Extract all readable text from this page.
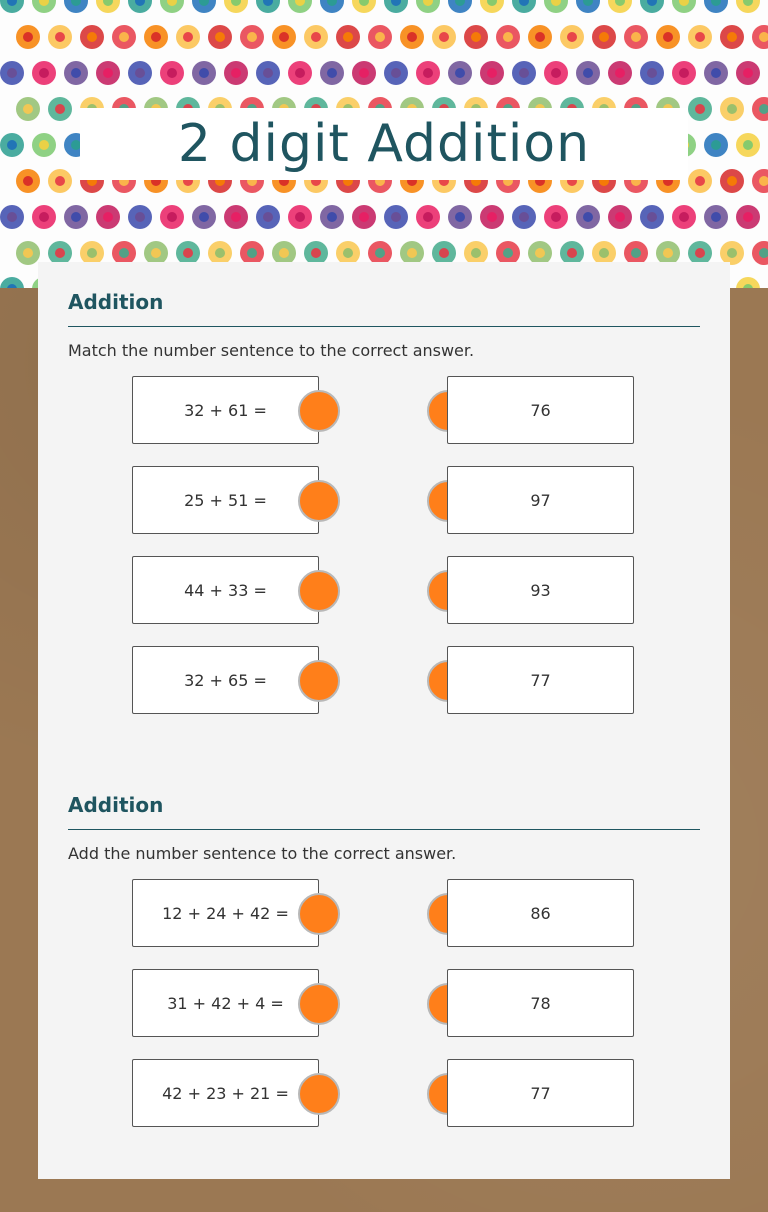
2 digit Addition
Addition
Match the number sentence to the correct answer.
32 + 61 =	76
25 + 51 =	97
44 + 33 =	93
32 + 65 =	77
Addition
Add the number sentence to the correct answer.
12 + 24 + 42 =	86
31 + 42 + 4 =	78
42 + 23 + 21 =	77
